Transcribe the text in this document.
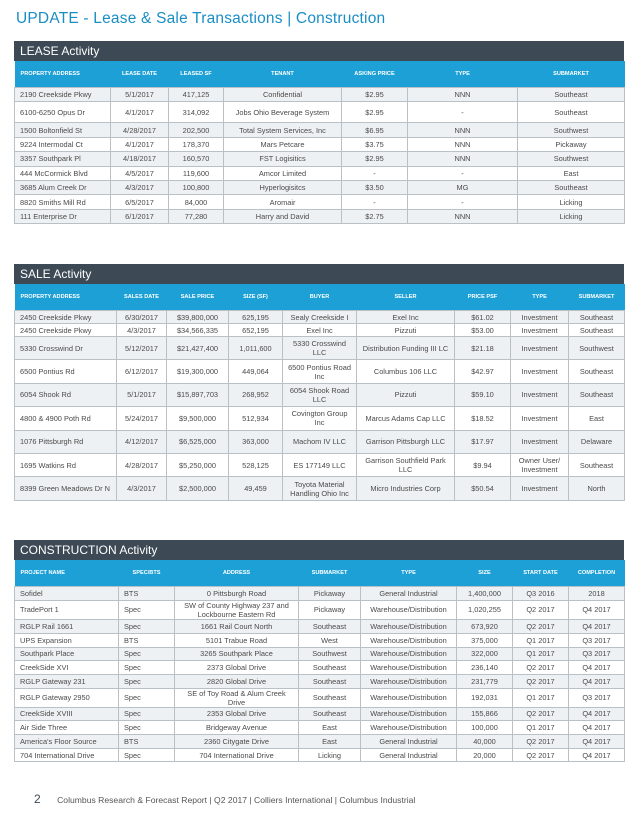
UPDATE - Lease & Sale Transactions | Construction
LEASE Activity
PROPERTY ADDRESS	LEASE DATE	LEASED SF	TENANT	ASKING PRICE	TYPE	SUBMARKET
2190 Creekside Pkwy	5/1/2017	417,125	Confidential	$2.95	NNN	Southeast
6100-6250 Opus Dr	4/1/2017	314,092	Jobs Ohio Beverage System	$2.95	-	Southeast
1500 Boltonfield St	4/28/2017	202,500	Total System Services, Inc	$6.95	NNN	Southwest
9224 Intermodal Ct	4/1/2017	178,370	Mars Petcare	$3.75	NNN	Pickaway
3357 Southpark Pl	4/18/2017	160,570	FST Logisitics	$2.95	NNN	Southwest
444 McCormick Blvd	4/5/2017	119,600	Amcor Limited	-	-	East
3685 Alum Creek Dr	4/3/2017	100,800	Hyperlogisitcs	$3.50	MG	Southeast
8820 Smiths Mill Rd	6/5/2017	84,000	Aromair	-	-	Licking
111 Enterprise Dr	6/1/2017	77,280	Harry and David	$2.75	NNN	Licking
SALE Activity
PROPERTY ADDRESS	SALES DATE	SALE PRICE	SIZE (SF)	BUYER	SELLER	PRICE PSF	TYPE	SUBMARKET
2450 Creekside Pkwy	6/30/2017	$39,800,000	625,195	Sealy Creekside I	Exel Inc	$61.02	Investment	Southeast
2450 Creekside Pkwy	4/3/2017	$34,566,335	652,195	Exel Inc	Pizzuti	$53.00	Investment	Southeast
5330 Crosswind Dr	5/12/2017	$21,427,400	1,011,600	5330 Crosswind LLC	Distribution Funding III LC	$21.18	Investment	Southwest
6500 Pontius Rd	6/12/2017	$19,300,000	449,064	6500 Pontius Road Inc	Columbus 106 LLC	$42.97	Investment	Southeast
6054 Shook Rd	5/1/2017	$15,897,703	268,952	6054 Shook Road LLC	Pizzuti	$59.10	Investment	Southeast
4800 & 4900 Poth Rd	5/24/2017	$9,500,000	512,934	Covington Group Inc	Marcus Adams Cap LLC	$18.52	Investment	East
1076 Pittsburgh Rd	4/12/2017	$6,525,000	363,000	Machom IV LLC	Garrison Pittsburgh LLC	$17.97	Investment	Delaware
1695 Watkins Rd	4/28/2017	$5,250,000	528,125	ES 177149 LLC	Garrison Southfield Park LLC	$9.94	Owner User/ Investment	Southeast
8399 Green Meadows Dr N	4/3/2017	$2,500,000	49,459	Toyota Material Handling Ohio Inc	Micro Industries Corp	$50.54	Investment	North
CONSTRUCTION Activity
PROJECT NAME	SPEC/BTS	ADDRESS	SUBMARKET	TYPE	SIZE	START DATE	COMPLETION
Sofidel	BTS	0 Pittsburgh Road	Pickaway	General Industrial	1,400,000	Q3 2016	2018
TradePort 1	Spec	SW of County Highway 237 and Lockbourne Eastern Rd	Pickaway	Warehouse/Distribution	1,020,255	Q2 2017	Q4 2017
RGLP Rail 1661	Spec	1661 Rail Court North	Southeast	Warehouse/Distribution	673,920	Q2 2017	Q4 2017
UPS Expansion	BTS	5101 Trabue Road	West	Warehouse/Distribution	375,000	Q1 2017	Q3 2017
Southpark Place	Spec	3265 Southpark Place	Southwest	Warehouse/Distribution	322,000	Q1 2017	Q3 2017
CreekSide XVI	Spec	2373 Global Drive	Southeast	Warehouse/Distribution	236,140	Q2 2017	Q4 2017
RGLP Gateway 231	Spec	2820 Global Drive	Southeast	Warehouse/Distribution	231,779	Q2 2017	Q4 2017
RGLP Gateway 2950	Spec	SE of Toy Road & Alum Creek Drive	Southeast	Warehouse/Distribution	192,031	Q1 2017	Q3 2017
CreekSide XVIII	Spec	2353 Global Drive	Southeast	Warehouse/Distribution	155,866	Q2 2017	Q4 2017
Air Side Three	Spec	Bridgeway Avenue	East	Warehouse/Distribution	100,000	Q1 2017	Q4 2017
America's Floor Source	BTS	2360 Citygate Drive	East	General Industrial	40,000	Q2 2017	Q4 2017
704 International Drive	Spec	704 International Drive	Licking	General Industrial	20,000	Q2 2017	Q4 2017
2 Columbus Research & Forecast Report | Q2 2017 | Colliers International | Columbus Industrial
